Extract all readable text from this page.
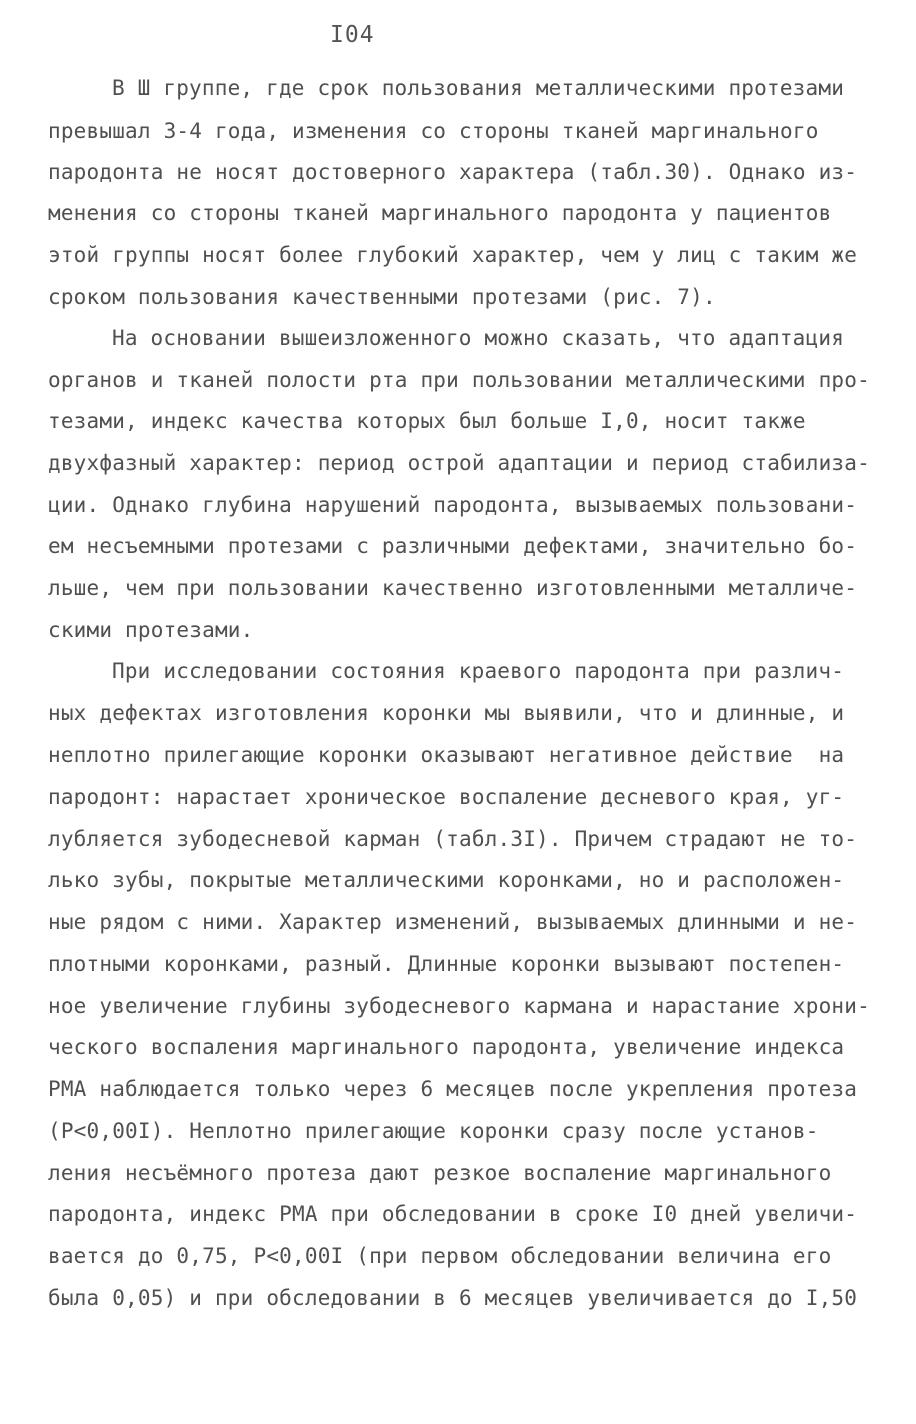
I04
В Ш группе, где срок пользования металлическими протезами
превышал 3-4 года, изменения со стороны тканей маргинального
пародонта не носят достоверного характера (табл.30). Однако из-
менения со стороны тканей маргинального пародонта у пациентов
этой группы носят более глубокий характер, чем у лиц с таким же
сроком пользования качественными протезами (рис. 7).
На основании вышеизложенного можно сказать, что адаптация
органов и тканей полости рта при пользовании металлическими про-
тезами, индекс качества которых был больше I,0, носит также
двухфазный характер: период острой адаптации и период стабилиза-
ции. Однако глубина нарушений пародонта, вызываемых пользовани-
ем несъемными протезами с различными дефектами, значительно бо-
льше, чем при пользовании качественно изготовленными металличе-
скими протезами.
При исследовании состояния краевого пародонта при различ-
ных дефектах изготовления коронки мы выявили, что и длинные, и
неплотно прилегающие коронки оказывают негативное действие  на
пародонт: нарастает хроническое воспаление десневого края, уг-
лубляется зубодесневой карман (табл.3I). Причем страдают не то-
лько зубы, покрытые металлическими коронками, но и расположен-
ные рядом с ними. Характер изменений, вызываемых длинными и не-
плотными коронками, разный. Длинные коронки вызывают постепен-
ное увеличение глубины зубодесневого кармана и нарастание хрони-
ческого воспаления маргинального пародонта, увеличение индекса
РМА наблюдается только через 6 месяцев после укрепления протеза
(P<0,00I). Неплотно прилегающие коронки сразу после установ-
ления несъёмного протеза дают резкое воспаление маргинального
пародонта, индекс РМА при обследовании в сроке I0 дней увеличи-
вается до 0,75, P<0,00I (при первом обследовании величина его
была 0,05) и при обследовании в 6 месяцев увеличивается до I,50
